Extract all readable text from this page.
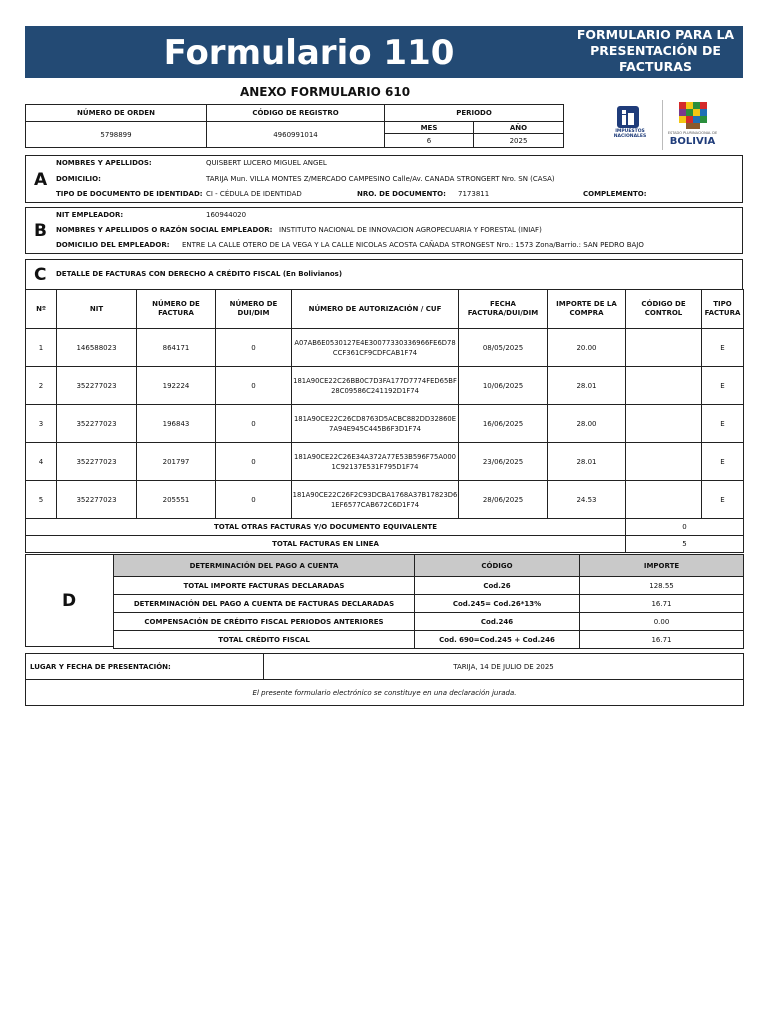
Formulario 110	FORMULARIO PARA LA
PRESENTACIÓN DE
FACTURAS
ANEXO FORMULARIO 610
NÚMERO DE ORDEN	CÓDIGO DE REGISTRO	PERIODO	
5798899	4960991014	MES	AÑO
		6	2025
IMPUESTOS NACIONALES
ESTADO PLURINACIONAL DE
BOLIVIA
A
NOMBRES Y APELLIDOS:	QUISBERT LUCERO MIGUEL ANGEL
DOMICILIO:	TARIJA Mun. VILLA MONTES Z/MERCADO CAMPESINO Calle/Av. CANADA STRONGERT Nro. SN (CASA)
TIPO DE DOCUMENTO DE IDENTIDAD: CI - CÉDULA DE IDENTIDAD	NRO. DE DOCUMENTO: 7173811	COMPLEMENTO:
B
NIT EMPLEADOR:	160944020
NOMBRES Y APELLIDOS O RAZÓN SOCIAL EMPLEADOR: INSTITUTO NACIONAL DE INNOVACION AGROPECUARIA Y FORESTAL (INIAF)
DOMICILIO DEL EMPLEADOR: ENTRE LA CALLE OTERO DE LA VEGA Y LA CALLE NICOLAS ACOSTA CAÑADA STRONGEST Nro.: 1573 Zona/Barrio.: SAN PEDRO BAJO
C DETALLE DE FACTURAS CON DERECHO A CRÉDITO FISCAL (En Bolivianos)
Nº	NIT	NÚMERO DE FACTURA	NÚMERO DE DUI/DIM	NÚMERO DE AUTORIZACIÓN / CUF	FECHA FACTURA/DUI/DIM	IMPORTE DE LA COMPRA	CÓDIGO DE CONTROL	TIPO FACTURA
1	146588023	864171	0	A07AB6E0530127E4E30077330336966FE6D78CCF361CF9CDFCAB1F74	08/05/2025	20.00		E
2	352277023	192224	0	181A90CE22C26BB0C7D3FA177D7774FED65BF28C09586C241192D1F74	10/06/2025	28.01		E
3	352277023	196843	0	181A90CE22C26CD8763D5ACBC882DD32860E7A94E945C445B6F3D1F74	16/06/2025	28.00		E
4	352277023	201797	0	181A90CE22C26E34A372A77E53B596F75A0001C92137E531F795D1F74	23/06/2025	28.01		E
5	352277023	205551	0	181A90CE22C26F2C93DCBA1768A37B17823D61EF6577CAB672C6D1F74	28/06/2025	24.53		E
TOTAL OTRAS FACTURAS Y/O DOCUMENTO EQUIVALENTE							0	
TOTAL FACTURAS EN LINEA							5	
D
DETERMINACIÓN DEL PAGO A CUENTA	CÓDIGO	IMPORTE
TOTAL IMPORTE FACTURAS DECLARADAS	Cod.26	128.55
DETERMINACIÓN DEL PAGO A CUENTA DE FACTURAS DECLARADAS	Cod.245= Cod.26*13%	16.71
COMPENSACIÓN DE CRÉDITO FISCAL PERIODOS ANTERIORES	Cod.246	0.00
TOTAL CRÉDITO FISCAL	Cod. 690=Cod.245 + Cod.246	16.71
LUGAR Y FECHA DE PRESENTACIÓN:	TARIJA, 14 DE JULIO DE 2025
El presente formulario electrónico se constituye en una declaración jurada.
